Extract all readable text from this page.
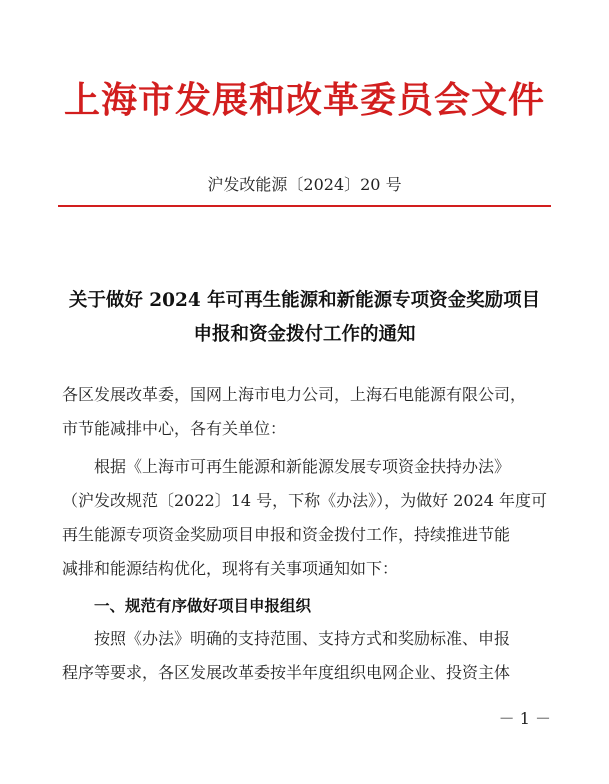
上海市发展和改革委员会文件
沪发改能源〔2024〕20 号
关于做好 2024 年可再生能源和新能源专项资金奖励项目
申报和资金拨付工作的通知
各区发展改革委，国网上海市电力公司，上海石电能源有限公司，
市节能减排中心，各有关单位：
根据《上海市可再生能源和新能源发展专项资金扶持办法》
（沪发改规范〔2022〕14 号，下称《办法》），为做好 2024 年度可
再生能源专项资金奖励项目申报和资金拨付工作，持续推进节能
减排和能源结构优化，现将有关事项通知如下：
一、规范有序做好项目申报组织
按照《办法》明确的支持范围、支持方式和奖励标准、申报
程序等要求，各区发展改革委按半年度组织电网企业、投资主体
－ 1 －
